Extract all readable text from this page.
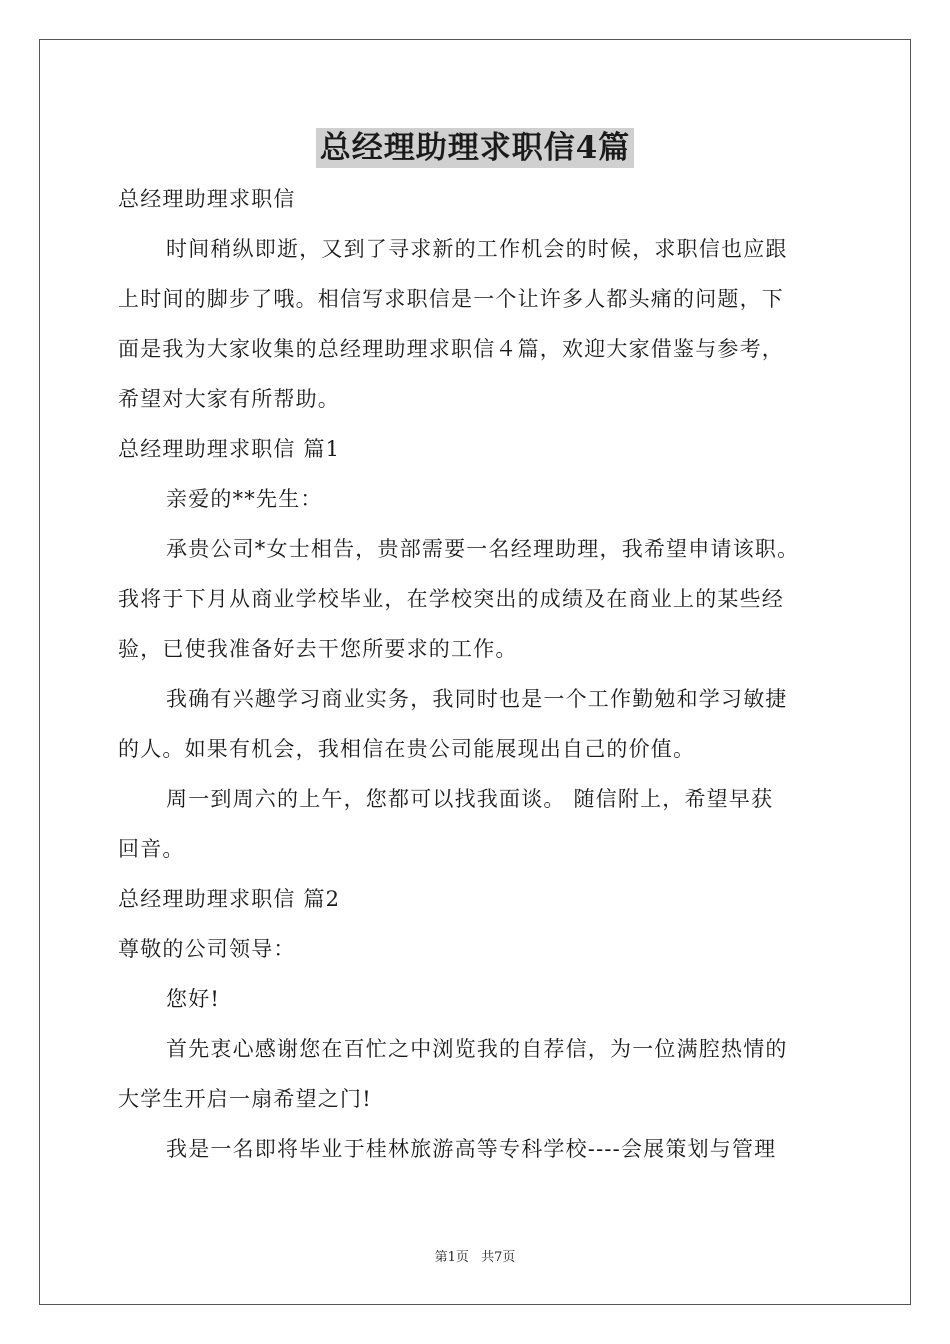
总经理助理求职信4篇
总经理助理求职信
时间稍纵即逝，又到了寻求新的工作机会的时候，求职信也应跟
上时间的脚步了哦。相信写求职信是一个让许多人都头痛的问题，下
面是我为大家收集的总经理助理求职信４篇，欢迎大家借鉴与参考，
希望对大家有所帮助。
总经理助理求职信 篇1
亲爱的**先生：
承贵公司*女士相告，贵部需要一名经理助理，我希望申请该职。
我将于下月从商业学校毕业，在学校突出的成绩及在商业上的某些经
验，已使我准备好去干您所要求的工作。
我确有兴趣学习商业实务，我同时也是一个工作勤勉和学习敏捷
的人。如果有机会，我相信在贵公司能展现出自己的价值。
周一到周六的上午，您都可以找我面谈。 随信附上，希望早获
回音。
总经理助理求职信 篇2
尊敬的公司领导：
您好!
首先衷心感谢您在百忙之中浏览我的自荐信，为一位满腔热情的
大学生开启一扇希望之门!
我是一名即将毕业于桂林旅游高等专科学校----会展策划与管理
第1页 共7页
